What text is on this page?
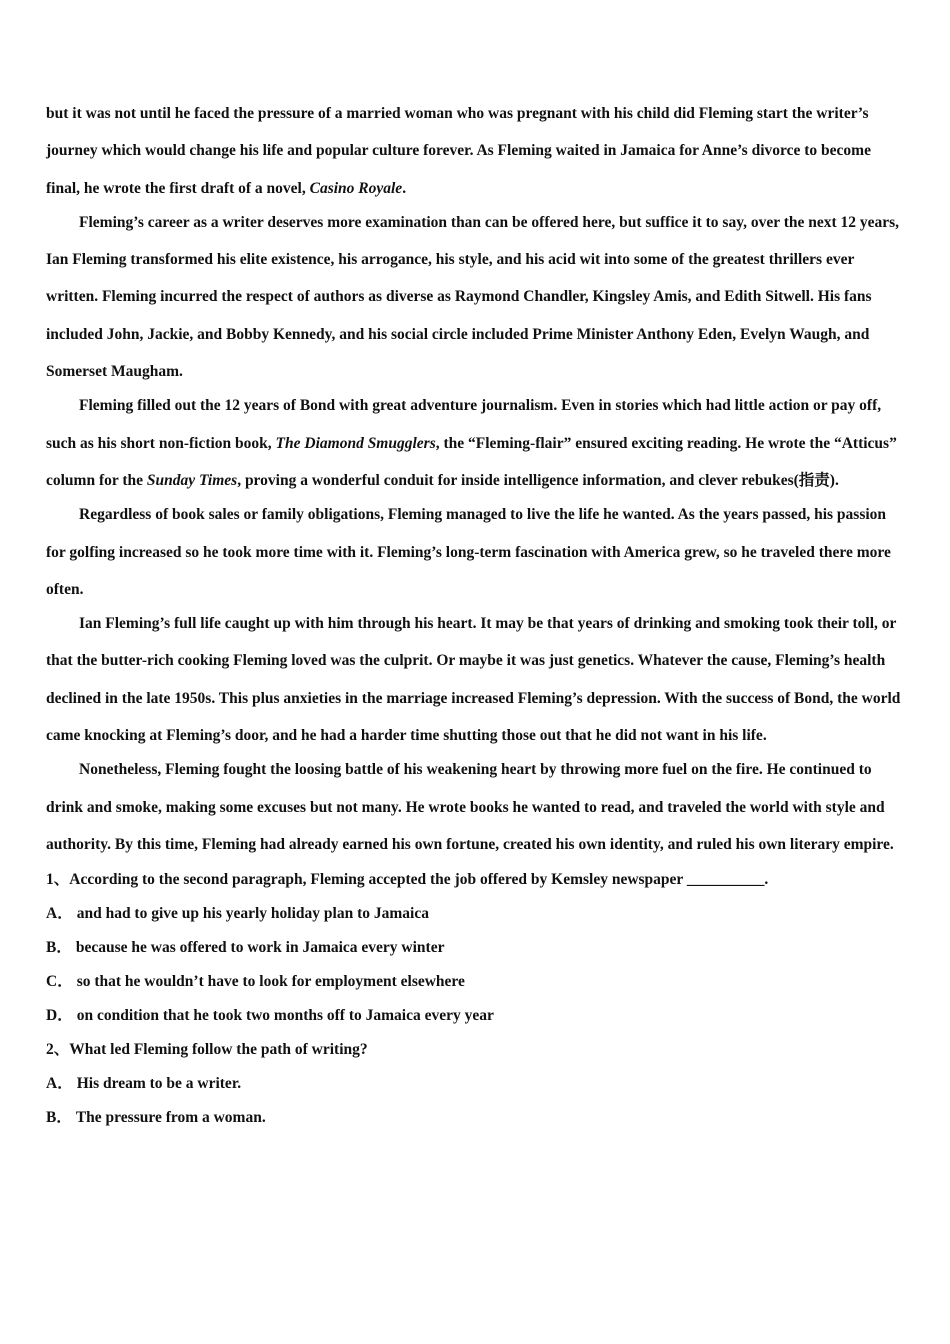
but it was not until he faced the pressure of a married woman who was pregnant with his child did Fleming start the writer’s journey which would change his life and popular culture forever. As Fleming waited in Jamaica for Anne’s divorce to become final, he wrote the first draft of a novel, Casino Royale.

Fleming’s career as a writer deserves more examination than can be offered here, but suffice it to say, over the next 12 years, Ian Fleming transformed his elite existence, his arrogance, his style, and his acid wit into some of the greatest thrillers ever written. Fleming incurred the respect of authors as diverse as Raymond Chandler, Kingsley Amis, and Edith Sitwell. His fans included John, Jackie, and Bobby Kennedy, and his social circle included Prime Minister Anthony Eden, Evelyn Waugh, and Somerset Maugham.

Fleming filled out the 12 years of Bond with great adventure journalism. Even in stories which had little action or pay off, such as his short non-fiction book, The Diamond Smugglers, the “Fleming-flair” ensured exciting reading. He wrote the “Atticus” column for the Sunday Times, proving a wonderful conduit for inside intelligence information, and clever rebukes(指责).

Regardless of book sales or family obligations, Fleming managed to live the life he wanted. As the years passed, his passion for golfing increased so he took more time with it. Fleming’s long-term fascination with America grew, so he traveled there more often.

Ian Fleming’s full life caught up with him through his heart. It may be that years of drinking and smoking took their toll, or that the butter-rich cooking Fleming loved was the culprit. Or maybe it was just genetics. Whatever the cause, Fleming’s health declined in the late 1950s. This plus anxieties in the marriage increased Fleming’s depression. With the success of Bond, the world came knocking at Fleming’s door, and he had a harder time shutting those out that he did not want in his life.

Nonetheless, Fleming fought the loosing battle of his weakening heart by throwing more fuel on the fire. He continued to drink and smoke, making some excuses but not many. He wrote books he wanted to read, and traveled the world with style and authority. By this time, Fleming had already earned his own fortune, created his own identity, and ruled his own literary empire.

1、According to the second paragraph, Fleming accepted the job offered by Kemsley newspaper __________.

A． and had to give up his yearly holiday plan to Jamaica

B． because he was offered to work in Jamaica every winter

C． so that he wouldn’t have to look for employment elsewhere

D． on condition that he took two months off to Jamaica every year

2、What led Fleming follow the path of writing?

A． His dream to be a writer.

B． The pressure from a woman.
